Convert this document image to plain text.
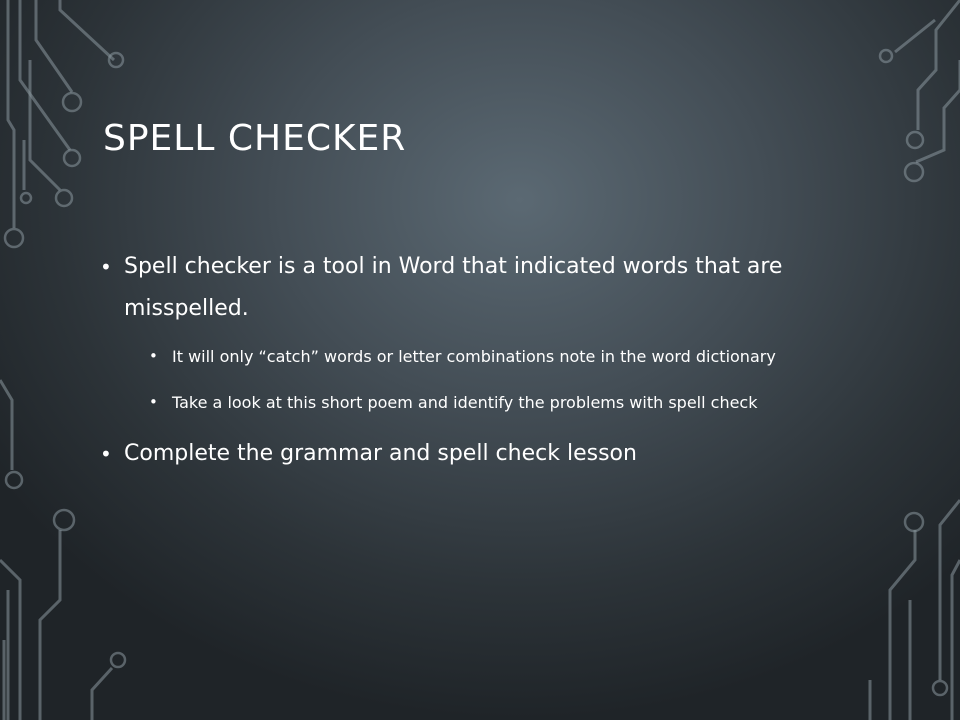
SPELL CHECKER
• Spell checker is a tool in Word that indicated words that are misspelled.
• It will only “catch” words or letter combinations note in the word dictionary
• Take a look at this short poem and identify the problems with spell check
• Complete the grammar and spell check lesson
